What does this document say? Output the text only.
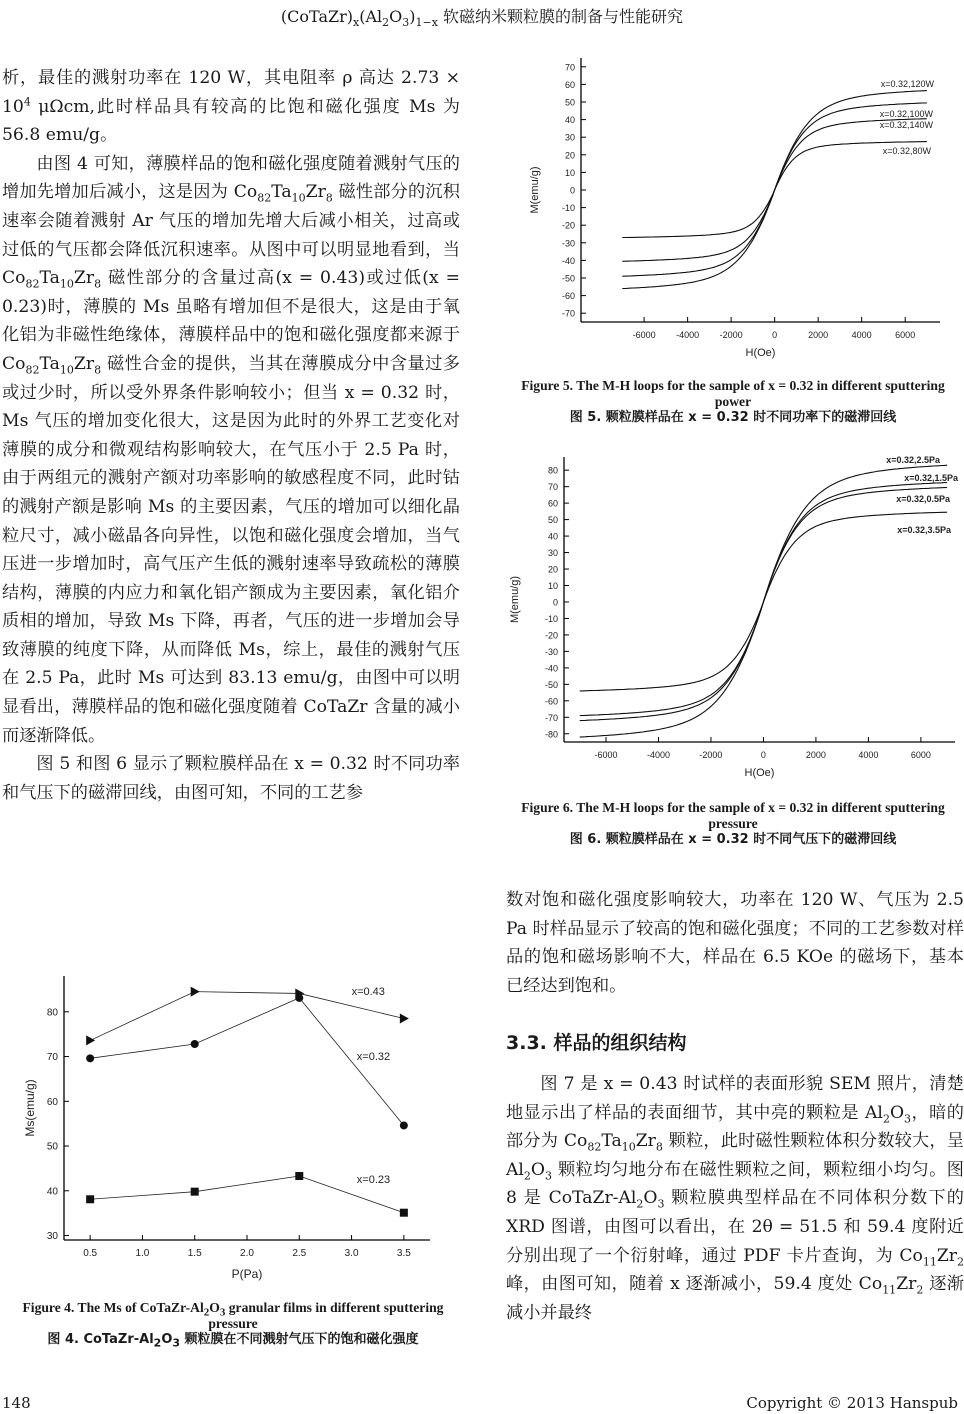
$(CoTaZr)_x(Al_2O_3)_{1-x}$ 软磁纳米颗粒膜的制备与性能研究

析，最佳的溅射功率在 120 W，其电阻率 ρ 高达 $2.73 \times 10^4$ μΩcm,此时样品具有较高的比饱和磁化强度 Ms 为 56.8 emu/g。

由图 4 可知，薄膜样品的饱和磁化强度随着溅射气压的增加先增加后减小，这是因为 $Co_{82}Ta_{10}Zr_8$ 磁性部分的沉积速率会随着溅射 Ar 气压的增加先增大后减小相关，过高或过低的气压都会降低沉积速率。从图中可以明显地看到，当 $Co_{82}Ta_{10}Zr_8$ 磁性部分的含量过高(x = 0.43)或过低(x = 0.23)时，薄膜的 Ms 虽略有增加但不是很大，这是由于氧化铝为非磁性绝缘体，薄膜样品中的饱和磁化强度都来源于 $Co_{82}Ta_{10}Zr_8$ 磁性合金的提供，当其在薄膜成分中含量过多或过少时，所以受外界条件影响较小；但当 x = 0.32 时，Ms 气压的增加变化很大，这是因为此时的外界工艺变化对薄膜的成分和微观结构影响较大，在气压小于 2.5 Pa 时，由于两组元的溅射产额对功率影响的敏感程度不同，此时钴的溅射产额是影响 Ms 的主要因素，气压的增加可以细化晶粒尺寸，减小磁晶各向异性，以饱和磁化强度会增加，当气压进一步增加时，高气压产生低的溅射速率导致疏松的薄膜结构，薄膜的内应力和氧化铝产额成为主要因素，氧化铝介质相的增加，导致 Ms 下降，再者，气压的进一步增加会导致薄膜的纯度下降，从而降低 Ms，综上，最佳的溅射气压在 2.5 Pa，此时 Ms 可达到 83.13 emu/g，由图中可以明显看出，薄膜样品的饱和磁化强度随着 CoTaZr 含量的减小而逐渐降低。

图 5 和图 6 显示了颗粒膜样品在 x = 0.32 时不同功率和气压下的磁滞回线，由图可知，不同的工艺参

0.5	1.0	1.5	2.0	2.5	3.0	3.5
30
40
50
60
70
80
P(Pa)
Ms(emu/g)
x=0.43
x=0.32
x=0.23
Figure 4. The Ms of CoTaZr-$Al_2O_3$ granular films in different sputtering pressure
图 4. CoTaZr-$Al_2O_3$ 颗粒膜在不同溅射气压下的饱和磁化强度
-6000 -4000 -2000	0	2000	4000	6000
-70
-60
-50
-40
-30
-20
-10
0
10
20
30
40
50
60
70
H(Oe)
M(emu/g)
x=0.32,120W
x=0.32,100W
x=0.32,140W
x=0.32,80W
Figure 5. The M-H loops for the sample of x = 0.32 in different sputtering power
图 5. 颗粒膜样品在 x = 0.32 时不同功率下的磁滞回线
-6000	-4000	-2000	0	2000	4000	6000
-80
-70
-60
-50
-40
-30
-20
-10
0
10
20
30
40
50
60
70
80
H(Oe)
M(emu/g)
x=0.32,2.5Pa
x=0.32,1.5Pa
x=0.32,0.5Pa
x=0.32,3.5Pa
Figure 6. The M-H loops for the sample of x = 0.32 in different sputtering pressure
图 6. 颗粒膜样品在 x = 0.32 时不同气压下的磁滞回线

数对饱和磁化强度影响较大，功率在 120 W、气压为 2.5 Pa 时样品显示了较高的饱和磁化强度；不同的工艺参数对样品的饱和磁场影响不大，样品在 6.5 KOe 的磁场下，基本已经达到饱和。

3.3. 样品的组织结构

图 7 是 x = 0.43 时试样的表面形貌 SEM 照片，清楚地显示出了样品的表面细节，其中亮的颗粒是 $Al_2O_3$，暗的部分为 $Co_{82}Ta_{10}Zr_8$ 颗粒，此时磁性颗粒体积分数较大，呈 $Al_2O_3$ 颗粒均匀地分布在磁性颗粒之间，颗粒细小均匀。图 8 是 CoTaZr-$Al_2O_3$ 颗粒膜典型样品在不同体积分数下的 XRD 图谱，由图可以看出，在 2θ = 51.5 和 59.4 度附近分别出现了一个衍射峰，通过 PDF 卡片查询，为 $Co_{11}Zr_2$ 峰，由图可知，随着 x 逐渐减小，59.4 度处 $Co_{11}Zr_2$ 逐渐减小并最终

148	Copyright © 2013 Hanspub
